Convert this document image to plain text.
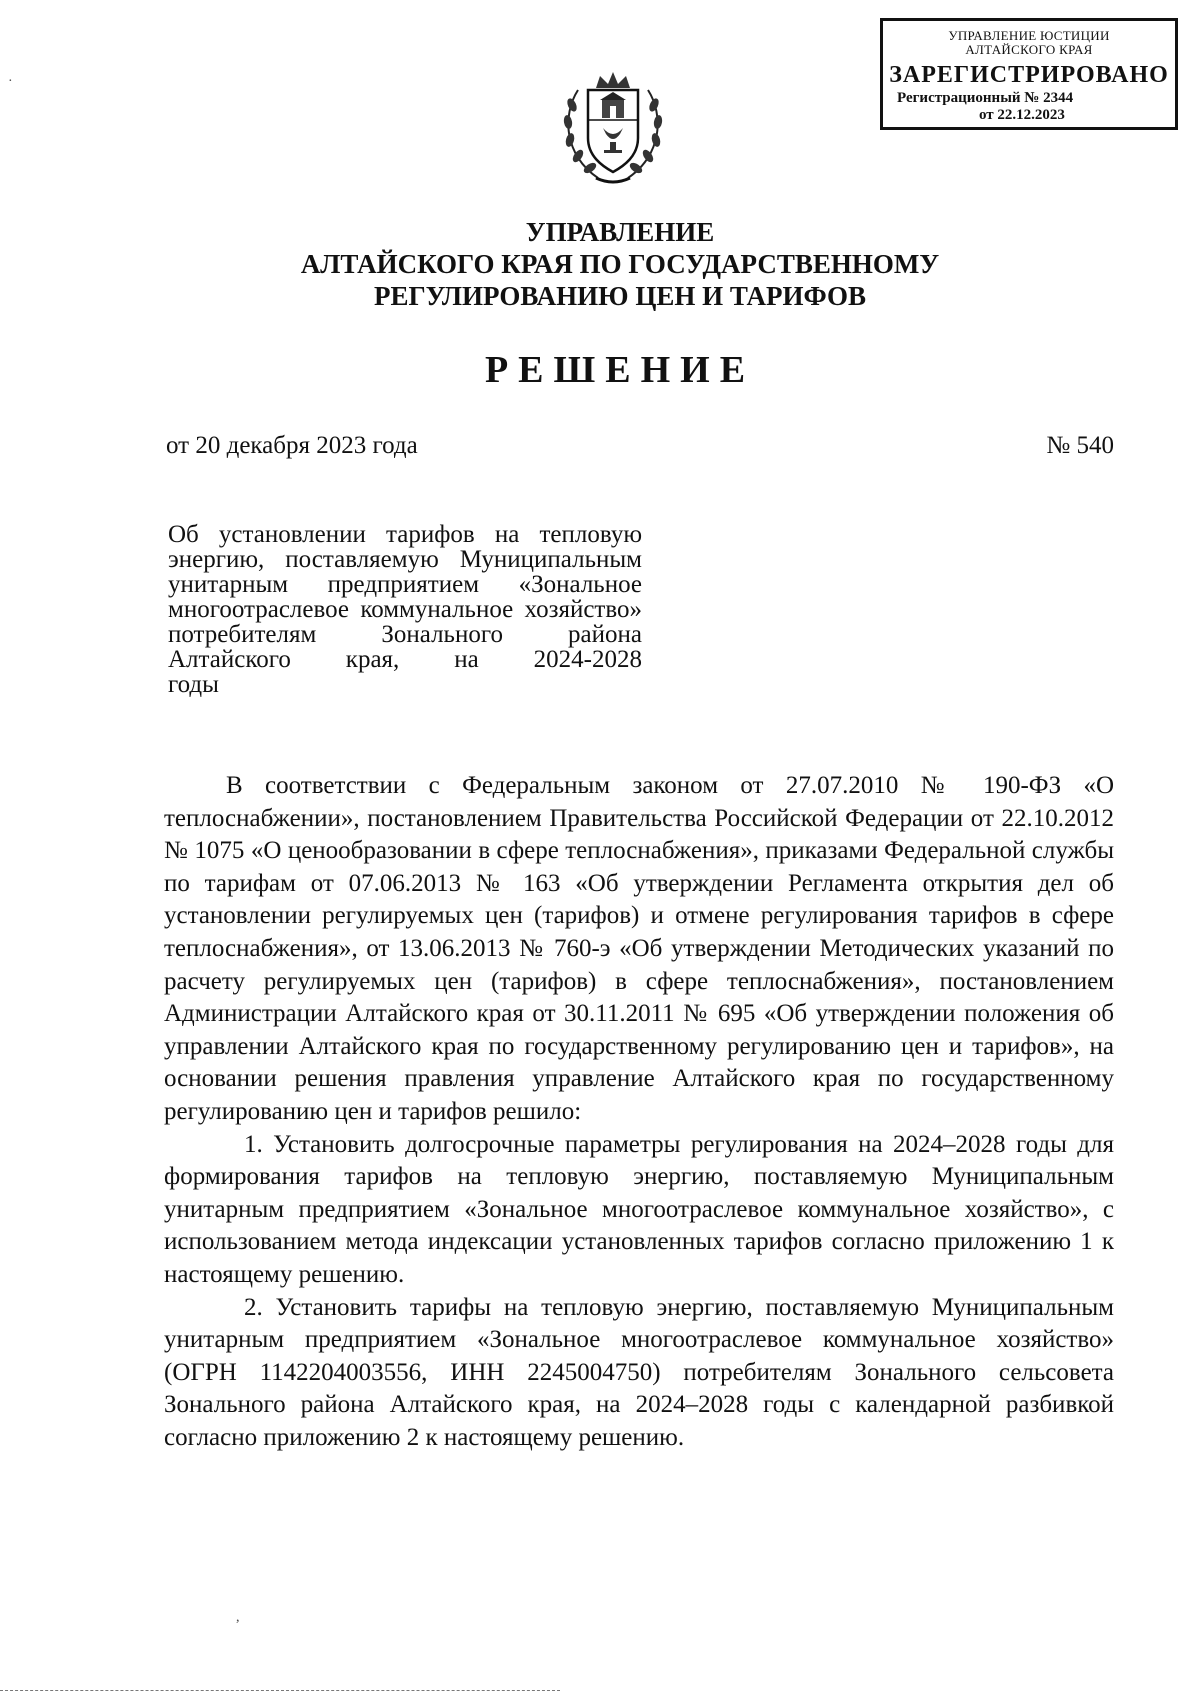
УПРАВЛЕНИЕ ЮСТИЦИИ
АЛТАЙСКОГО КРАЯ
ЗАРЕГИСТРИРОВАНО
Регистрационный № 2344
от 22.12.2023
УПРАВЛЕНИЕ
АЛТАЙСКОГО КРАЯ ПО ГОСУДАРСТВЕННОМУ
РЕГУЛИРОВАНИЮ ЦЕН И ТАРИФОВ
РЕШЕНИЕ
от 20 декабря 2023 года	№ 540
Об установлении тарифов на тепловую энергию, поставляемую Муниципальным унитарным предприятием «Зональное многоотраслевое коммунальное хозяйство» потребителям Зонального района Алтайского края, на 2024-2028
годы

В соответствии с Федеральным законом от 27.07.2010 № 190-ФЗ «О теплоснабжении», постановлением Правительства Российской Федерации от 22.10.2012 № 1075 «О ценообразовании в сфере теплоснабжения», приказами Федеральной службы по тарифам от 07.06.2013 № 163 «Об утверждении Регламента открытия дел об установлении регулируемых цен (тарифов) и отмене регулирования тарифов в сфере теплоснабжения», от 13.06.2013 № 760-э «Об утверждении Методических указаний по расчету регулируемых цен (тарифов) в сфере теплоснабжения», постановлением Администрации Алтайского края от 30.11.2011 № 695 «Об утверждении положения об управлении Алтайского края по государственному регулированию цен и тарифов», на основании решения правления управление Алтайского края по государственному регулированию цен и тарифов решило:

1. Установить долгосрочные параметры регулирования на 2024–2028 годы для формирования тарифов на тепловую энергию, поставляемую Муниципальным унитарным предприятием «Зональное многоотраслевое коммунальное хозяйство», с использованием метода индексации установленных тарифов согласно приложению 1 к настоящему решению.

2. Установить тарифы на тепловую энергию, поставляемую Муниципальным унитарным предприятием «Зональное многоотраслевое коммунальное хозяйство» (ОГРН 1142204003556, ИНН 2245004750) потребителям Зонального сельсовета Зонального района Алтайского края, на 2024–2028 годы с календарной разбивкой согласно приложению 2 к настоящему решению.

·
,
